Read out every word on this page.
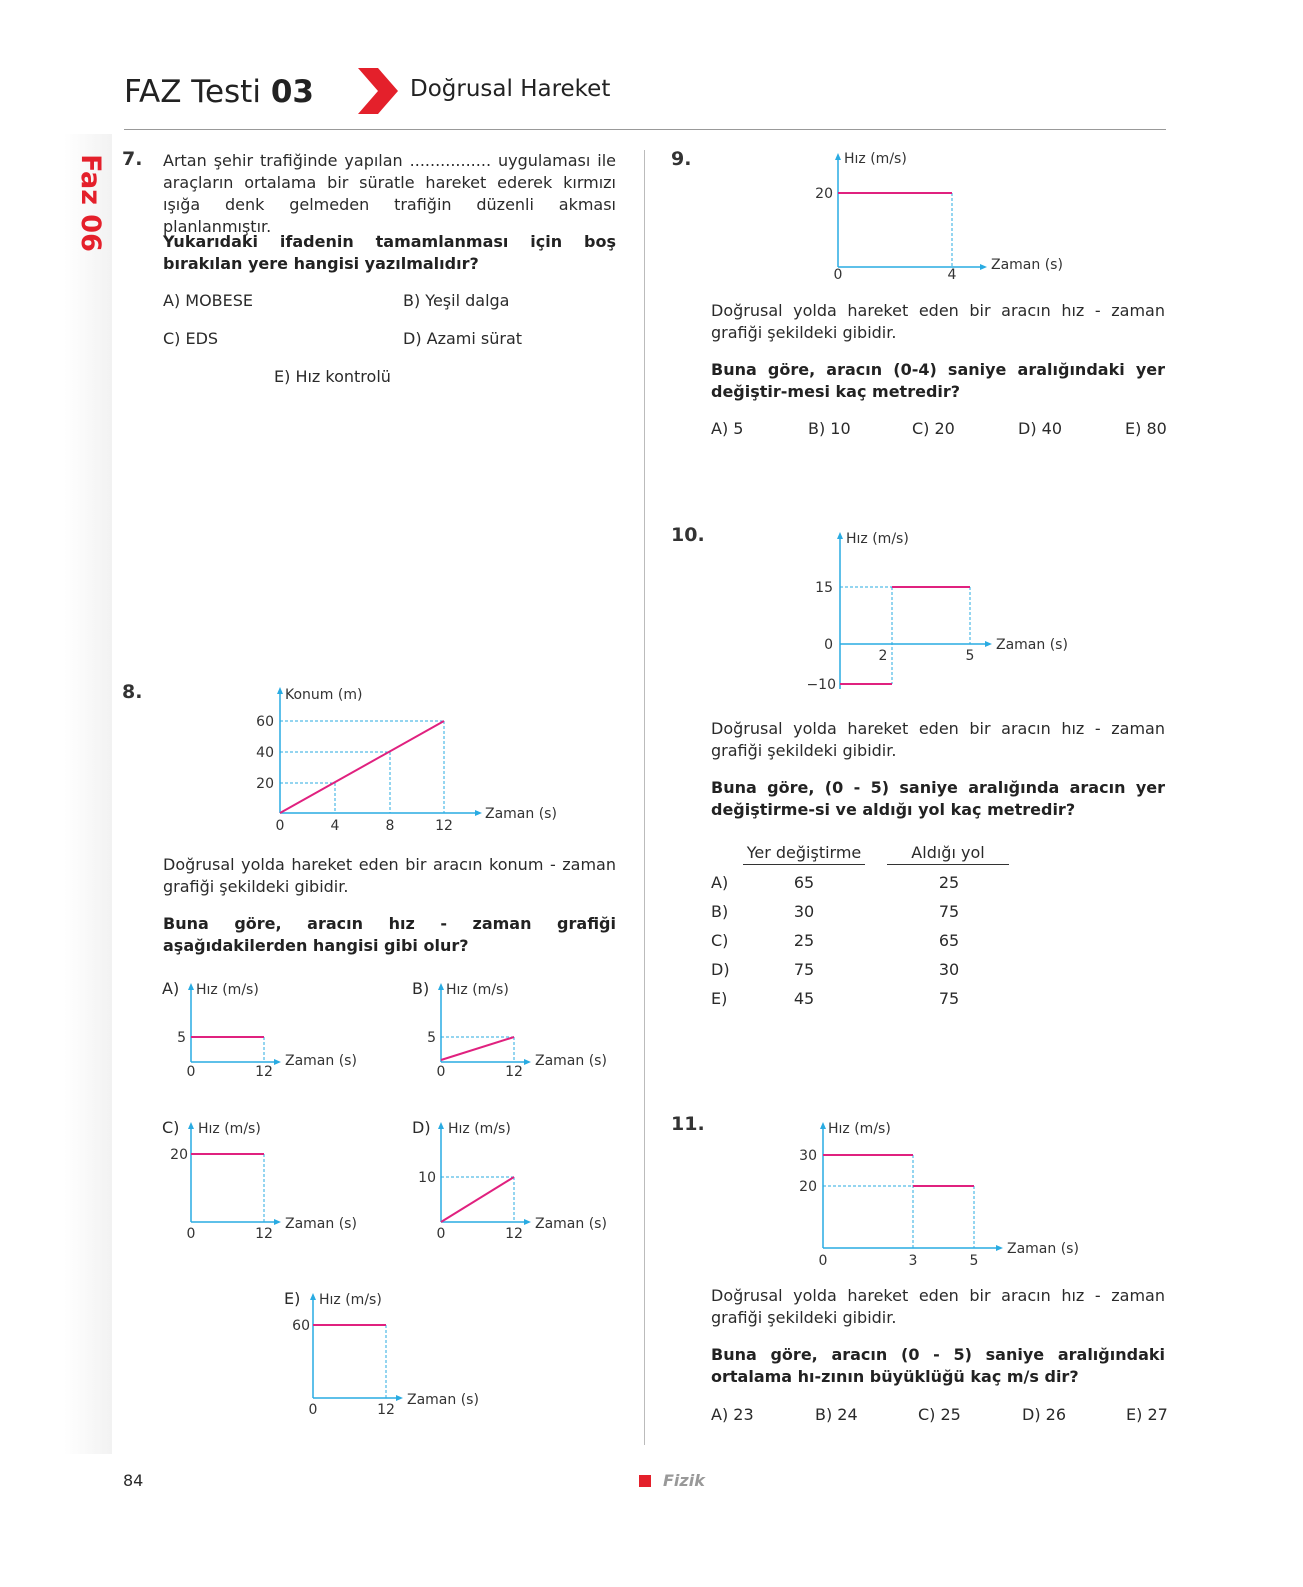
FAZ Testi 03	Doğrusal Hareket
Faz 06 7. Artan şehir trafiğinde yapılan ................ uygulaması ile araçların ortalama bir süratle hareket ederek kırmızı ışığa denk gelmeden trafiğin düzenli akması planlanmıştır.
Yukarıdaki ifadenin tamamlanması için boş bırakılan yere hangisi yazılmalıdır?
A) MOBESE	B) Yeşil dalga
C) EDS	D) Azami sürat
E) Hız kontrolü
8.	Konum (m)
Zaman (s)
20
40
60
0	4	8	12
Doğrusal yolda hareket eden bir aracın konum - zaman grafiği şekildeki gibidir.
Buna göre, aracın hız - zaman grafiği aşağıdakilerden hangisi gibi olur?
A) Hız (m/s)
Zaman (s)
5
0	12
B) Hız (m/s)
Zaman (s)
5
0	12
C) Hız (m/s)
Zaman (s)
20
0	12
D) Hız (m/s)
Zaman (s)
10
0	12
E) Hız (m/s)
Zaman (s)
60
0	12
9.	Hız (m/s)
Zaman (s)
20
0	4
Doğrusal yolda hareket eden bir aracın hız - zaman grafiği şekildeki gibidir.
Buna göre, aracın (0-4) saniye aralığındaki yer değiştir-mesi kaç metredir?
A) 5	B) 10	C) 20	D) 40	E) 80
10.	Hız (m/s)
Zaman (s)
15
0
−10
2	5
Doğrusal yolda hareket eden bir aracın hız - zaman grafiği şekildeki gibidir.
Buna göre, (0 - 5) saniye aralığında aracın yer değiştirme-si ve aldığı yol kaç metredir?
Yer değiştirme	Aldığı yol
A)	65	25
B)	30	75
C)	25	65
D)	75	30
E)	45	75
11.	Hız (m/s)
Zaman (s)
30
20
0	3	5
Doğrusal yolda hareket eden bir aracın hız - zaman grafiği şekildeki gibidir.
Buna göre, aracın (0 - 5) saniye aralığındaki ortalama hı-zının büyüklüğü kaç m/s dir?
A) 23	B) 24	C) 25	D) 26	E) 27
84	Fizik
